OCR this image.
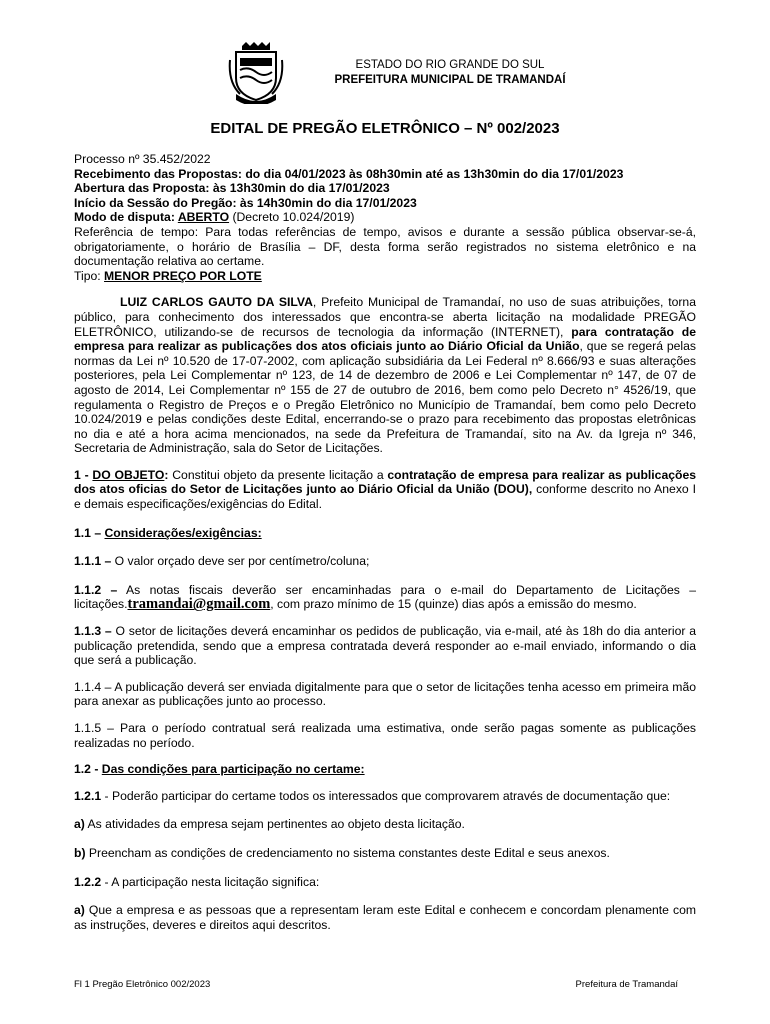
ESTADO DO RIO GRANDE DO SUL
PREFEITURA MUNICIPAL DE TRAMANDAÍ
EDITAL DE PREGÃO ELETRÔNICO – Nº 002/2023

Processo nº 35.452/2022

Recebimento das Propostas: do dia 04/01/2023 às 08h30min até as 13h30min do dia 17/01/2023

Abertura das Proposta: às 13h30min do dia 17/01/2023

Início da Sessão do Pregão: às 14h30min do dia 17/01/2023

Modo de disputa: ABERTO (Decreto 10.024/2019)

Referência de tempo: Para todas referências de tempo, avisos e durante a sessão pública observar-se-á, obrigatoriamente, o horário de Brasília – DF, desta forma serão registrados no sistema eletrônico e na documentação relativa ao certame.

Tipo: MENOR PREÇO POR LOTE

LUIZ CARLOS GAUTO DA SILVA, Prefeito Municipal de Tramandaí, no uso de suas atribuições, torna público, para conhecimento dos interessados que encontra-se aberta licitação na modalidade PREGÃO ELETRÔNICO, utilizando-se de recursos de tecnologia da informação (INTERNET), para contratação de empresa para realizar as publicações dos atos oficiais junto ao Diário Oficial da União, que se regerá pelas normas da Lei nº 10.520 de 17-07-2002, com aplicação subsidiária da Lei Federal nº 8.666/93 e suas alterações posteriores, pela Lei Complementar nº 123, de 14 de dezembro de 2006 e Lei Complementar nº 147, de 07 de agosto de 2014, Lei Complementar nº 155 de 27 de outubro de 2016, bem como pelo Decreto n° 4526/19, que regulamenta o Registro de Preços e o Pregão Eletrônico no Município de Tramandaí, bem como pelo Decreto 10.024/2019 e pelas condições deste Edital, encerrando-se o prazo para recebimento das propostas eletrônicas no dia e até a hora acima mencionados, na sede da Prefeitura de Tramandaí, sito na Av. da Igreja nº 346, Secretaria de Administração, sala do Setor de Licitações.

1 - DO OBJETO: Constitui objeto da presente licitação a contratação de empresa para realizar as publicações dos atos oficias do Setor de Licitações junto ao Diário Oficial da União (DOU), conforme descrito no Anexo I e demais especificações/exigências do Edital.

1.1 – Considerações/exigências:

1.1.1 – O valor orçado deve ser por centímetro/coluna;

1.1.2 – As notas fiscais deverão ser encaminhadas para o e-mail do Departamento de Licitações – licitações.tramandai@gmail.com, com prazo mínimo de 15 (quinze) dias após a emissão do mesmo.

1.1.3 – O setor de licitações deverá encaminhar os pedidos de publicação, via e-mail, até às 18h do dia anterior a publicação pretendida, sendo que a empresa contratada deverá responder ao e-mail enviado, informando o dia que será a publicação.

1.1.4 – A publicação deverá ser enviada digitalmente para que o setor de licitações tenha acesso em primeira mão para anexar as publicações junto ao processo.

1.1.5 – Para o período contratual será realizada uma estimativa, onde serão pagas somente as publicações realizadas no período.

1.2 - Das condições para participação no certame:

1.2.1 - Poderão participar do certame todos os interessados que comprovarem através de documentação que:

a) As atividades da empresa sejam pertinentes ao objeto desta licitação.

b) Preencham as condições de credenciamento no sistema constantes deste Edital e seus anexos.

1.2.2 - A participação nesta licitação significa:

a) Que a empresa e as pessoas que a representam leram este Edital e conhecem e concordam plenamente com as instruções, deveres e direitos aqui descritos.

Fl 1 Pregão Eletrônico 002/2023	Prefeitura de Tramandaí
